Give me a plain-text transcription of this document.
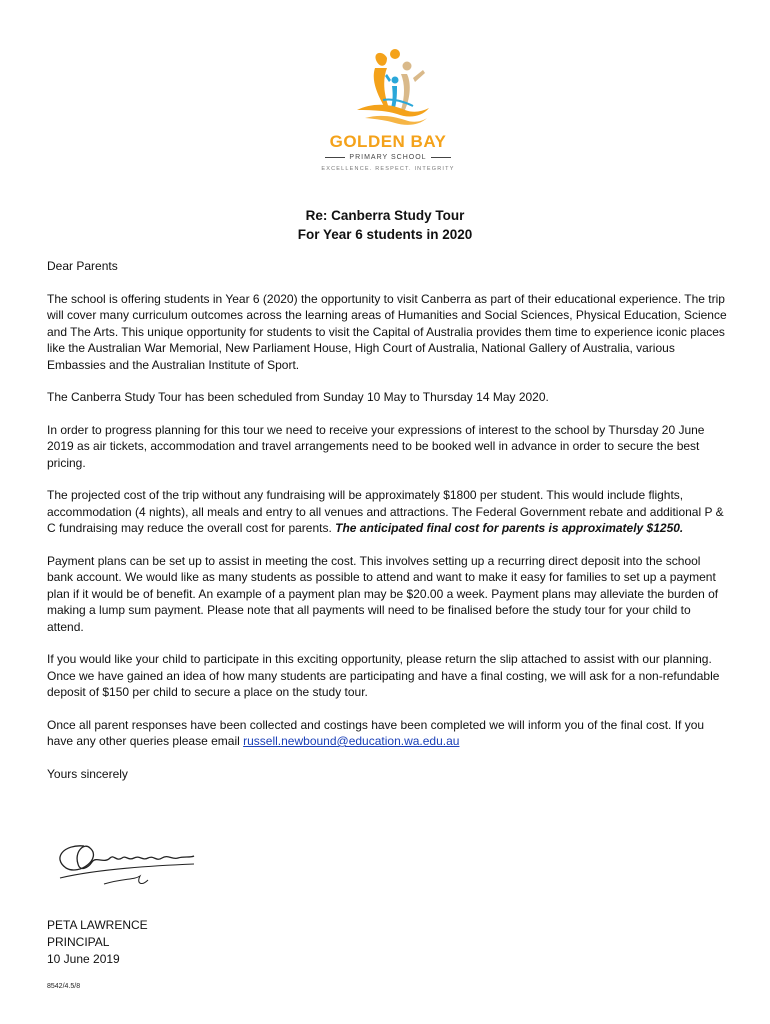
GOLDEN BAY
PRIMARY SCHOOL
EXCELLENCE. RESPECT. INTEGRITY
Re: Canberra Study Tour
For Year 6 students in 2020

Dear Parents

The school is offering students in Year 6 (2020) the opportunity to visit Canberra as part of their educational experience. The trip will cover many curriculum outcomes across the learning areas of Humanities and Social Sciences, Physical Education, Science and The Arts. This unique opportunity for students to visit the Capital of Australia provides them time to experience iconic places like the Australian War Memorial, New Parliament House, High Court of Australia, National Gallery of Australia, various Embassies and the Australian Institute of Sport.

The Canberra Study Tour has been scheduled from Sunday 10 May to Thursday 14 May 2020.

In order to progress planning for this tour we need to receive your expressions of interest to the school by Thursday 20 June 2019 as air tickets, accommodation and travel arrangements need to be booked well in advance in order to secure the best pricing.

The projected cost of the trip without any fundraising will be approximately $1800 per student. This would include flights, accommodation (4 nights), all meals and entry to all venues and attractions. The Federal Government rebate and additional P & C fundraising may reduce the overall cost for parents. The anticipated final cost for parents is approximately $1250.

Payment plans can be set up to assist in meeting the cost. This involves setting up a recurring direct deposit into the school bank account. We would like as many students as possible to attend and want to make it easy for families to set up a payment plan if it would be of benefit. An example of a payment plan may be $20.00 a week. Payment plans may alleviate the burden of making a lump sum payment. Please note that all payments will need to be finalised before the study tour for your child to attend.

If you would like your child to participate in this exciting opportunity, please return the slip attached to assist with our planning. Once we have gained an idea of how many students are participating and have a final costing, we will ask for a non-refundable deposit of $150 per child to secure a place on the study tour.

Once all parent responses have been collected and costings have been completed we will inform you of the final cost. If you have any other queries please email russell.newbound@education.wa.edu.au

Yours sincerely

PETA LAWRENCE
PRINCIPAL
10 June 2019
8542/4.5/8
